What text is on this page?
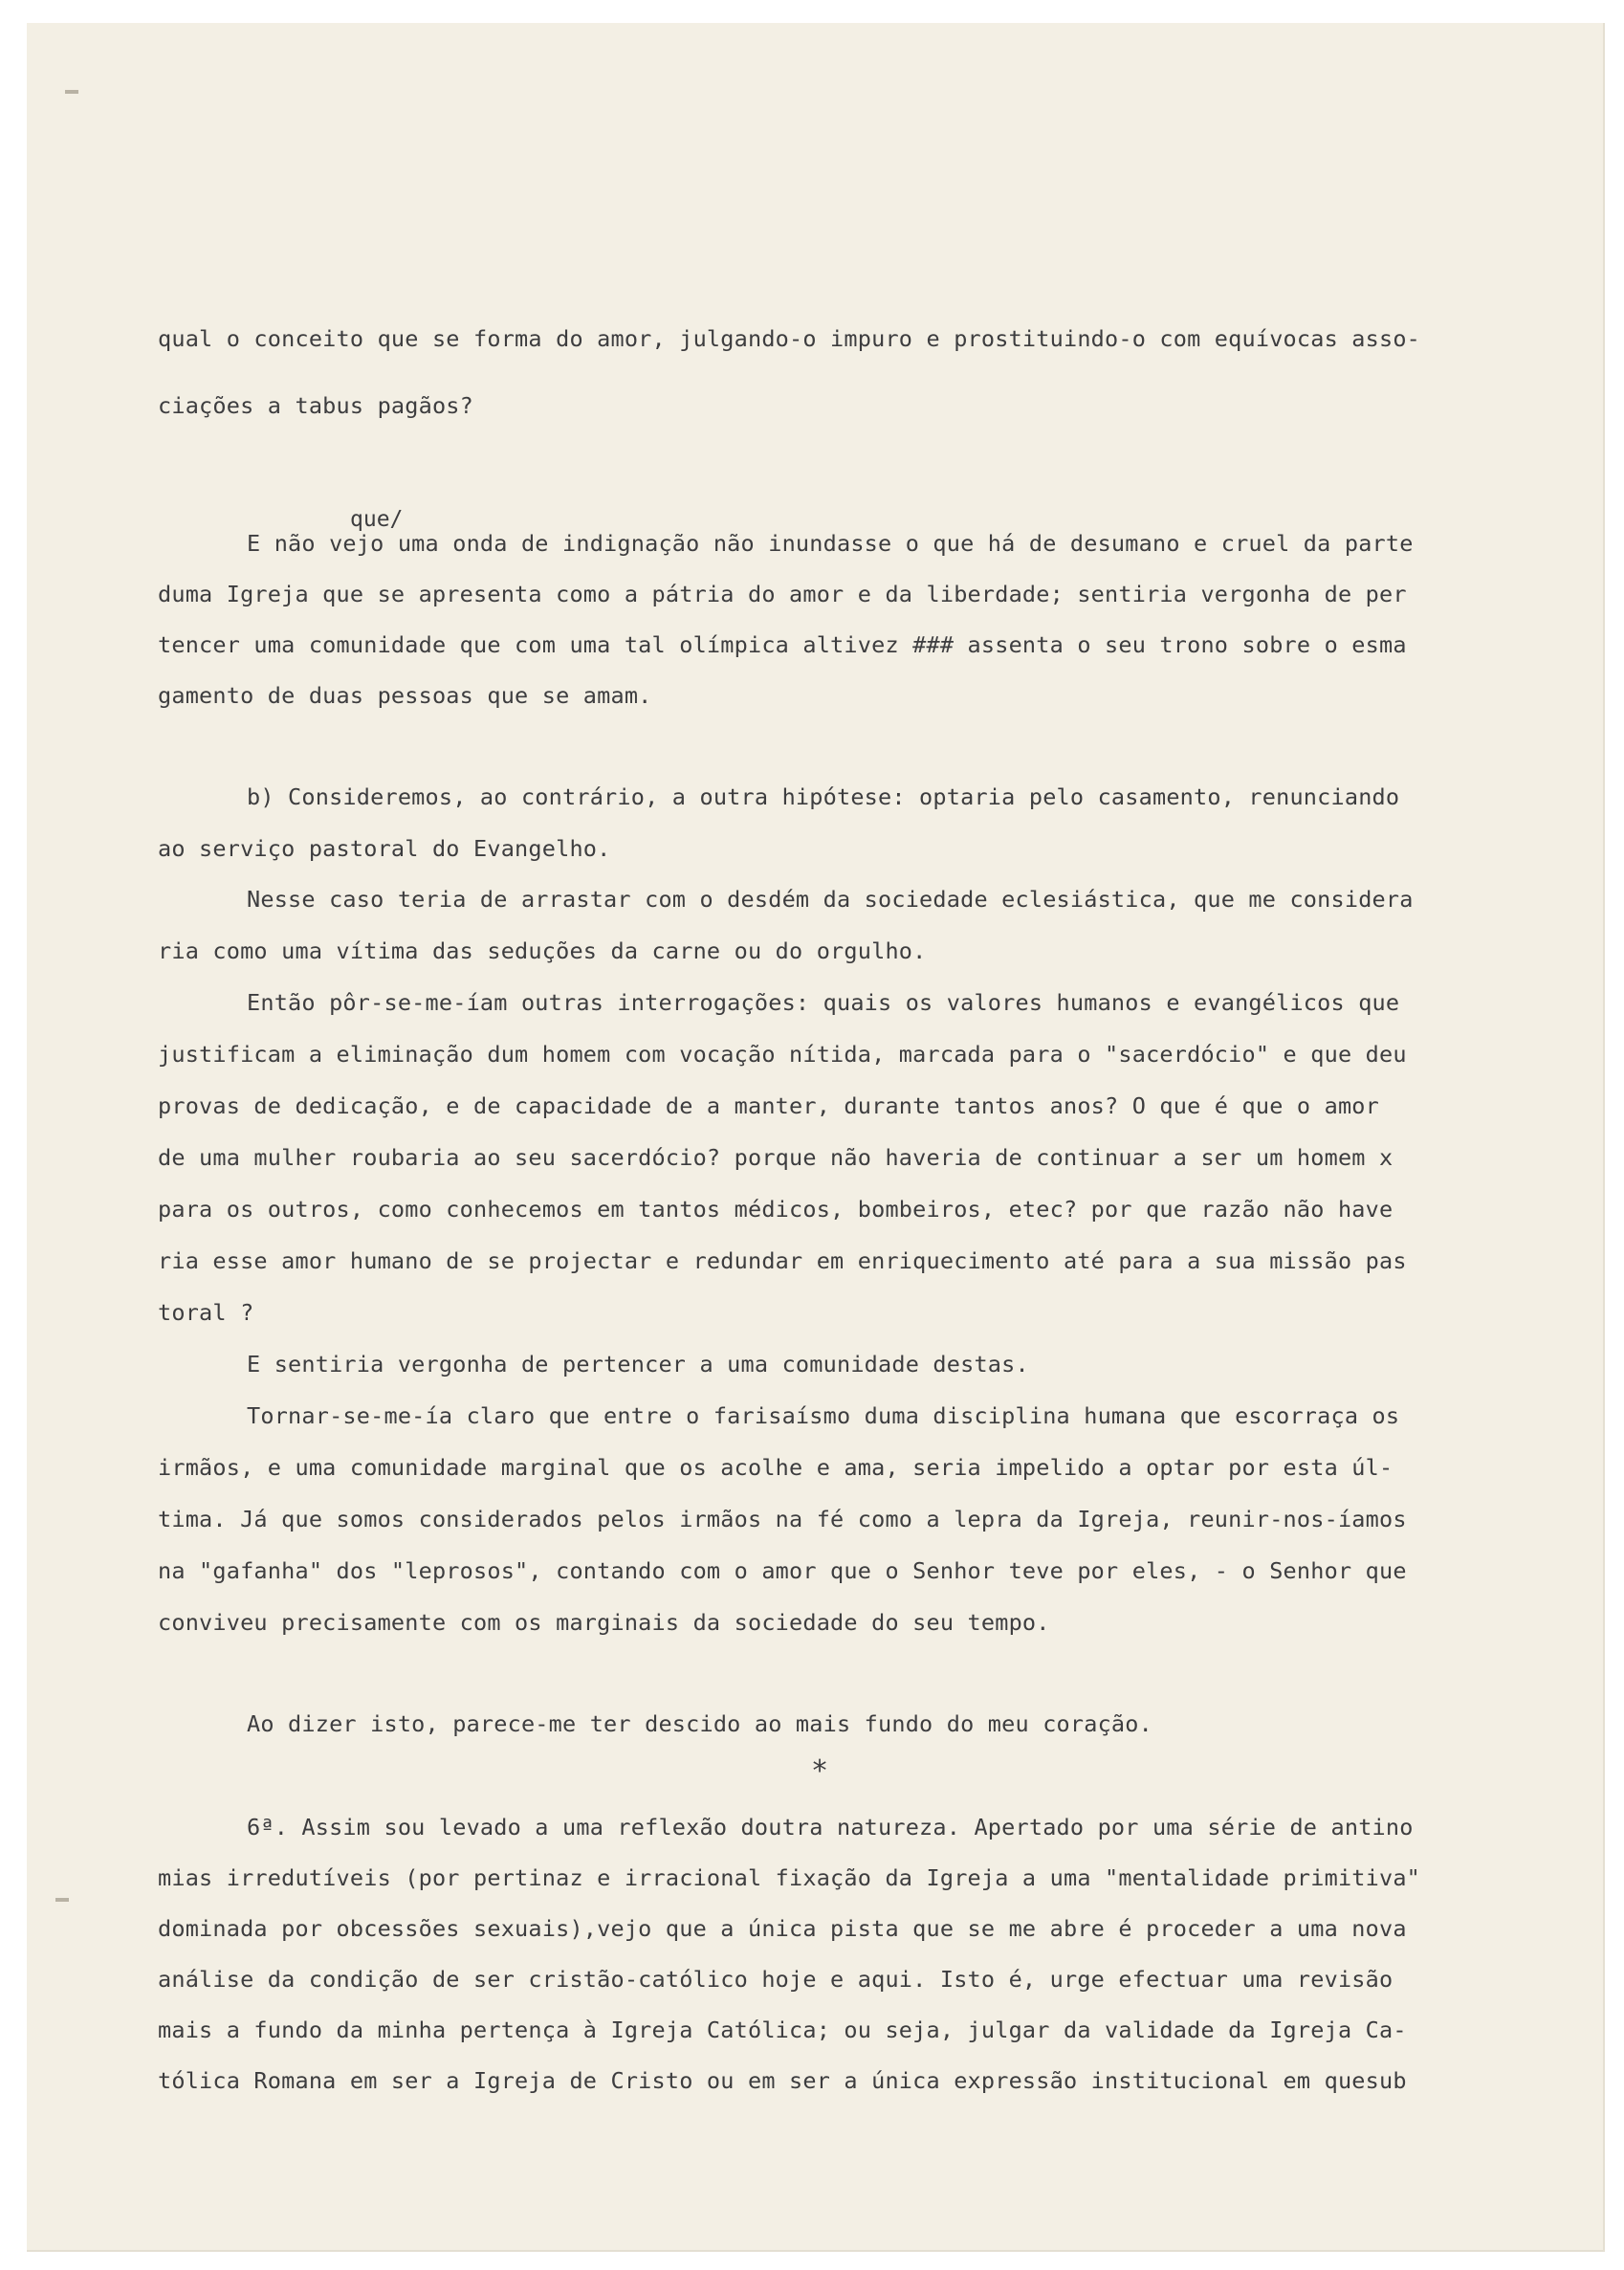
que/
qual o conceito que se forma do amor, julgando-o impuro e prostituindo-o com equívocas asso-
ciações a tabus pagãos?
E não vejo uma onda de indignação não inundasse o que há de desumano e cruel da parte
duma Igreja que se apresenta como a pátria do amor e da liberdade; sentiria vergonha de per
tencer uma comunidade que com uma tal olímpica altivez ### assenta o seu trono sobre o esma
gamento de duas pessoas que se amam.
b) Consideremos, ao contrário, a outra hipótese: optaria pelo casamento, renunciando
ao serviço pastoral do Evangelho.
Nesse caso teria de arrastar com o desdém da sociedade eclesiástica, que me considera
ria como uma vítima das seduções da carne ou do orgulho.
Então pôr-se-me-íam outras interrogações: quais os valores humanos e evangélicos que
justificam a eliminação dum homem com vocação nítida, marcada para o "sacerdócio" e que deu
provas de dedicação, e de capacidade de a manter, durante tantos anos? O que é que o amor
de uma mulher roubaria ao seu sacerdócio? porque não haveria de continuar a ser um homem x
para os outros, como conhecemos em tantos médicos, bombeiros, etec? por que razão não have
ria esse amor humano de se projectar e redundar em enriquecimento até para a sua missão pas
toral ?
E sentiria vergonha de pertencer a uma comunidade destas.
Tornar-se-me-ía claro que entre o farisaísmo duma disciplina humana que escorraça os
irmãos, e uma comunidade marginal que os acolhe e ama, seria impelido a optar por esta úl-
tima. Já que somos considerados pelos irmãos na fé como a lepra da Igreja, reunir-nos-íamos
na "gafanha" dos "leprosos", contando com o amor que o Senhor teve por eles, - o Senhor que
conviveu precisamente com os marginais da sociedade do seu tempo.
Ao dizer isto, parece-me ter descido ao mais fundo do meu coração.
*
6ª. Assim sou levado a uma reflexão doutra natureza. Apertado por uma série de antino
mias irredutíveis (por pertinaz e irracional fixação da Igreja a uma "mentalidade primitiva"
dominada por obcessões sexuais),vejo que a única pista que se me abre é proceder a uma nova
análise da condição de ser cristão-católico hoje e aqui. Isto é, urge efectuar uma revisão
mais a fundo da minha pertença à Igreja Católica; ou seja, julgar da validade da Igreja Ca-
tólica Romana em ser a Igreja de Cristo ou em ser a única expressão institucional em quesub
